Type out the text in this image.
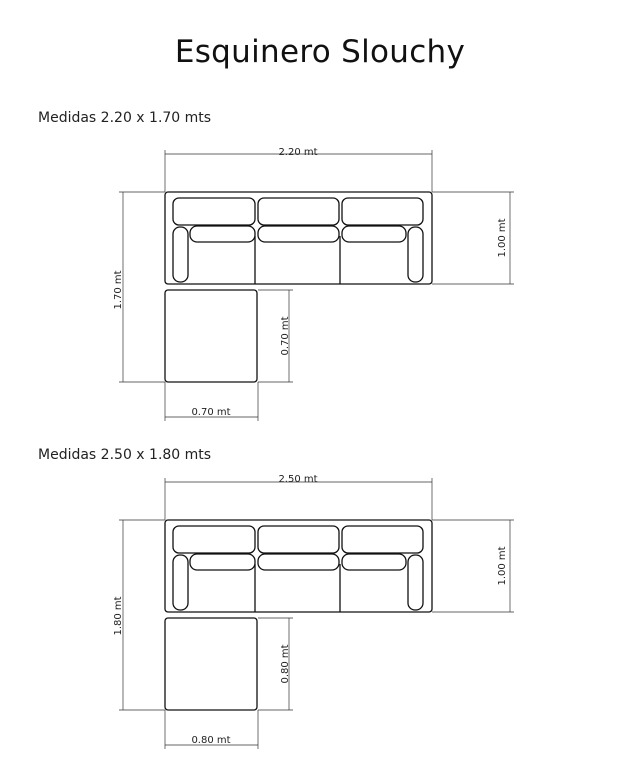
Esquinero Slouchy
Medidas 2.20 x 1.70 mts
2.20 mt
1.70 mt
1.00 mt
0.70 mt
0.70 mt
Medidas 2.50 x 1.80 mts
2.50 mt
1.80 mt
1.00 mt
0.80 mt
0.80 mt
